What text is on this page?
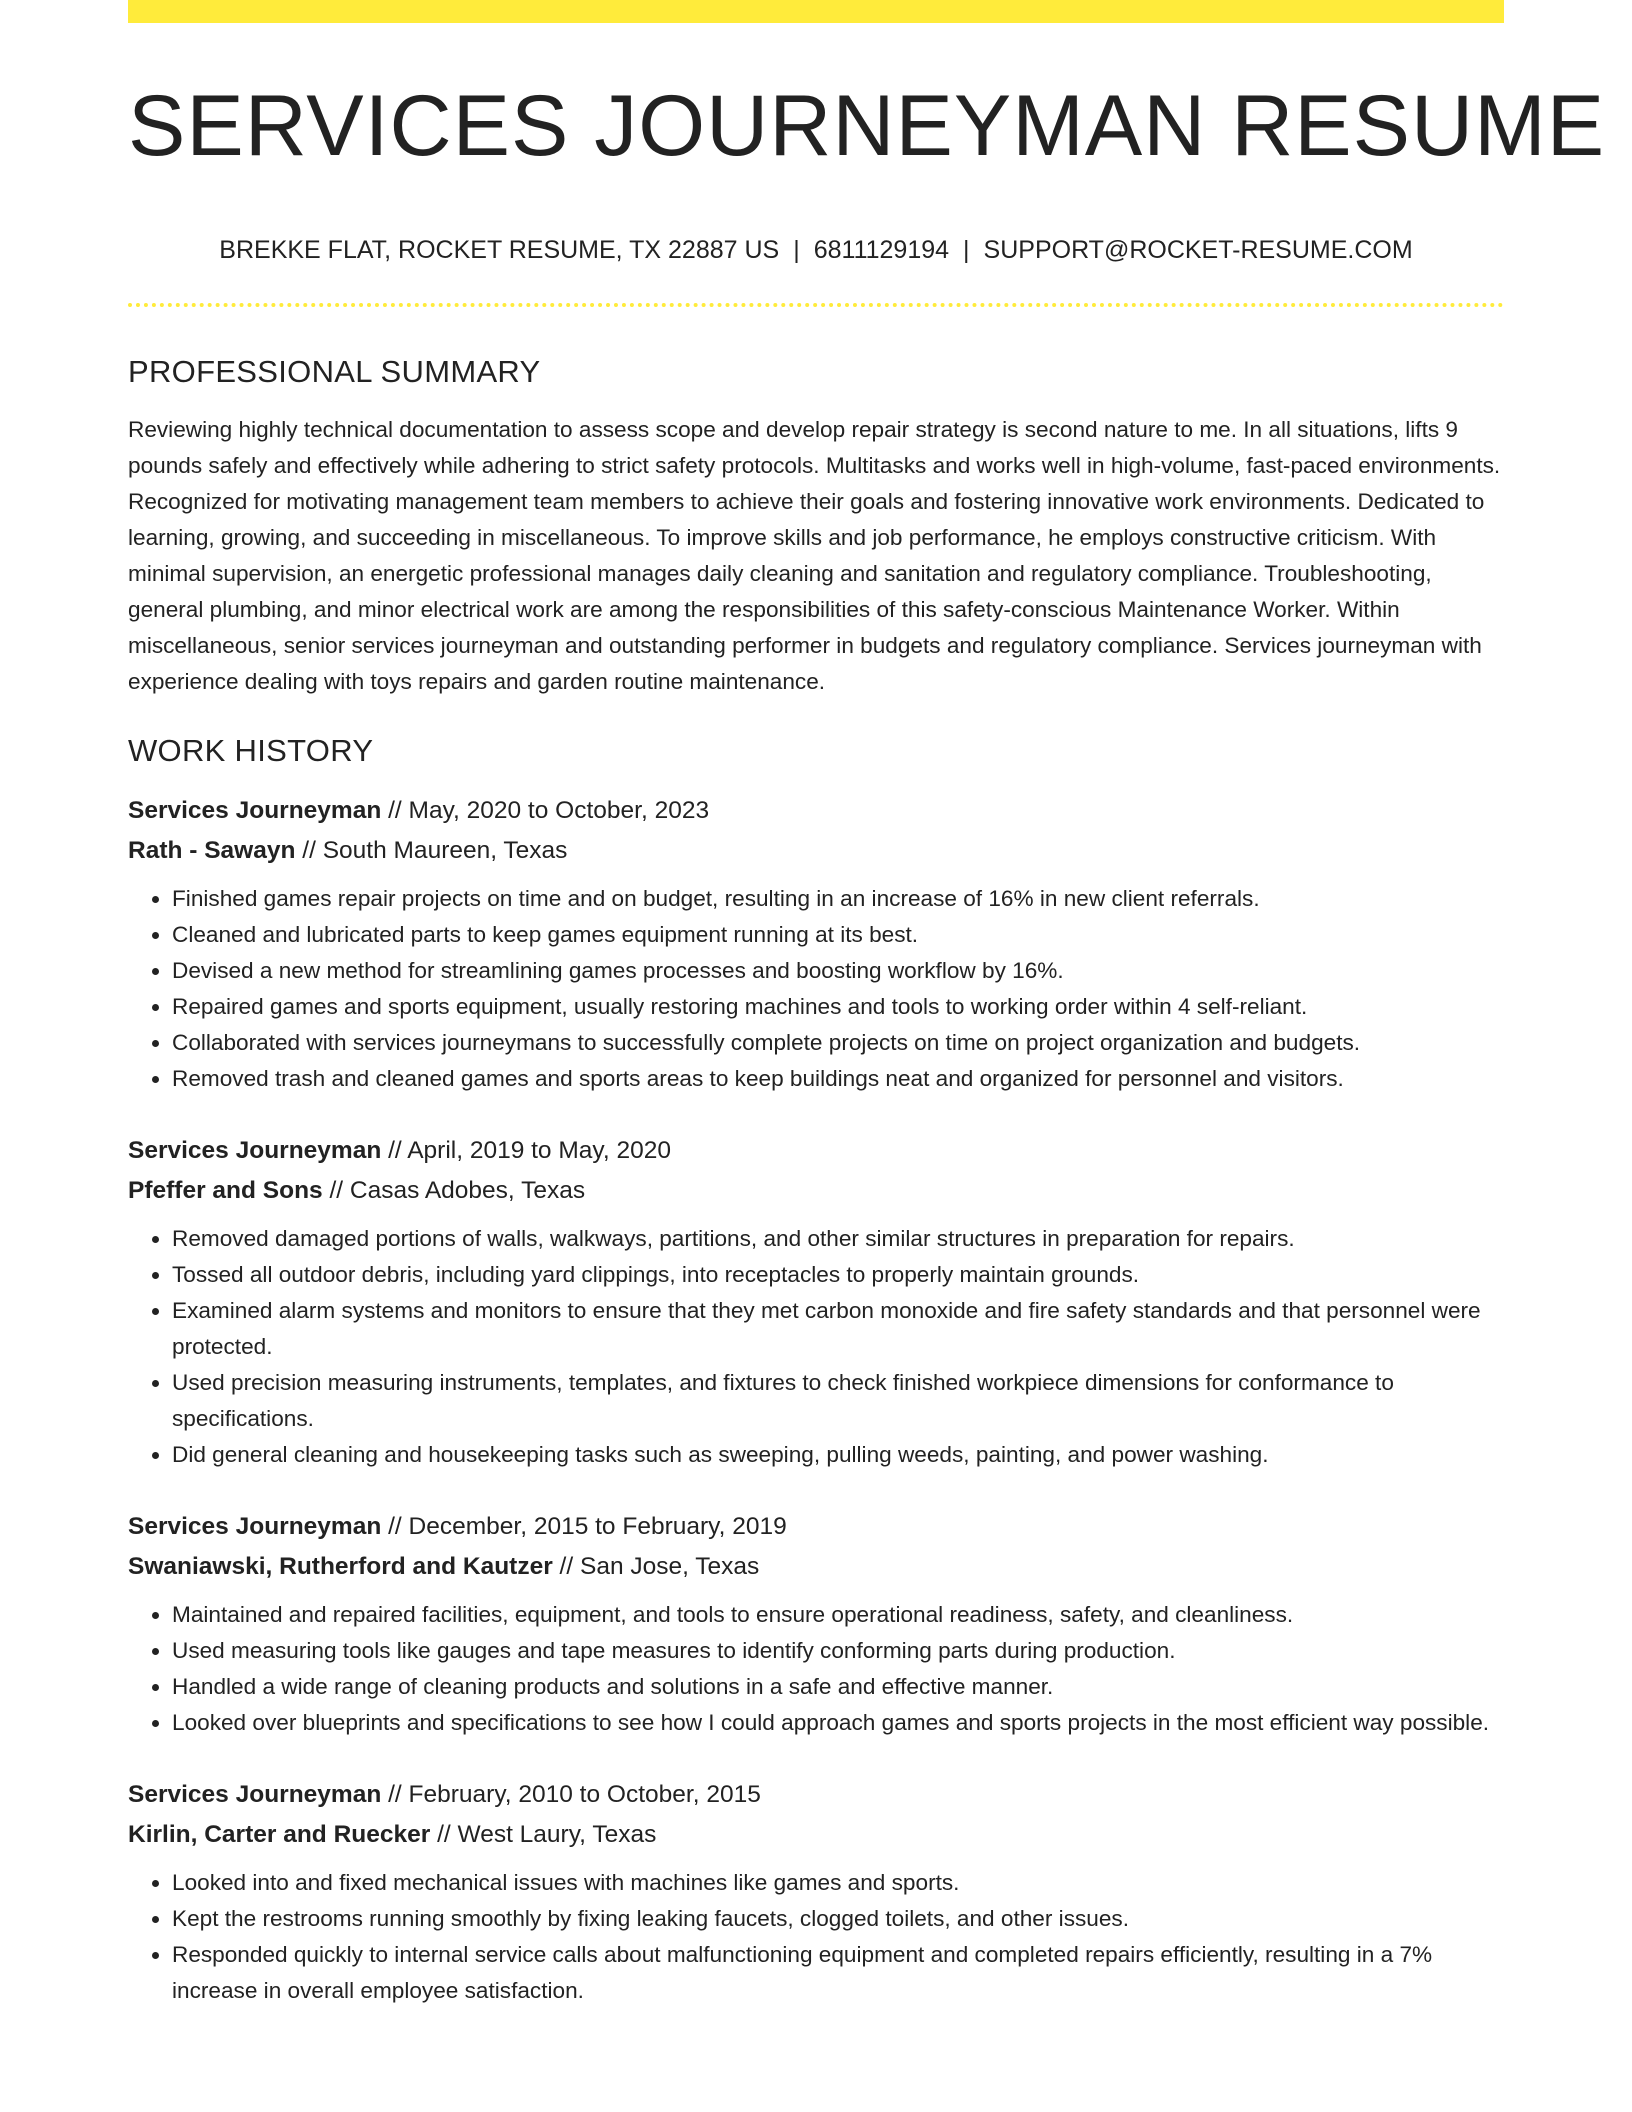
SERVICES JOURNEYMAN RESUME
BREKKE FLAT, ROCKET RESUME, TX 22887 US | 6811129194 | SUPPORT@ROCKET-RESUME.COM
PROFESSIONAL SUMMARY

Reviewing highly technical documentation to assess scope and develop repair strategy is second nature to me. In all situations, lifts 9 pounds safely and effectively while adhering to strict safety protocols. Multitasks and works well in high-volume, fast-paced environments. Recognized for motivating management team members to achieve their goals and fostering innovative work environments. Dedicated to learning, growing, and succeeding in miscellaneous. To improve skills and job performance, he employs constructive criticism. With minimal supervision, an energetic professional manages daily cleaning and sanitation and regulatory compliance. Troubleshooting, general plumbing, and minor electrical work are among the responsibilities of this safety-conscious Maintenance Worker. Within miscellaneous, senior services journeyman and outstanding performer in budgets and regulatory compliance. Services journeyman with experience dealing with toys repairs and garden routine maintenance.

WORK HISTORY
Services Journeyman // May, 2020 to October, 2023
Rath - Sawayn // South Maureen, Texas
• Finished games repair projects on time and on budget, resulting in an increase of 16% in new client referrals.
• Cleaned and lubricated parts to keep games equipment running at its best.
• Devised a new method for streamlining games processes and boosting workflow by 16%.
• Repaired games and sports equipment, usually restoring machines and tools to working order within 4 self-reliant.
• Collaborated with services journeymans to successfully complete projects on time on project organization and budgets.
• Removed trash and cleaned games and sports areas to keep buildings neat and organized for personnel and visitors.
Services Journeyman // April, 2019 to May, 2020
Pfeffer and Sons // Casas Adobes, Texas
• Removed damaged portions of walls, walkways, partitions, and other similar structures in preparation for repairs.
• Tossed all outdoor debris, including yard clippings, into receptacles to properly maintain grounds.
• Examined alarm systems and monitors to ensure that they met carbon monoxide and fire safety standards and that personnel were protected.
• Used precision measuring instruments, templates, and fixtures to check finished workpiece dimensions for conformance to specifications.
• Did general cleaning and housekeeping tasks such as sweeping, pulling weeds, painting, and power washing.
Services Journeyman // December, 2015 to February, 2019
Swaniawski, Rutherford and Kautzer // San Jose, Texas
• Maintained and repaired facilities, equipment, and tools to ensure operational readiness, safety, and cleanliness.
• Used measuring tools like gauges and tape measures to identify conforming parts during production.
• Handled a wide range of cleaning products and solutions in a safe and effective manner.
• Looked over blueprints and specifications to see how I could approach games and sports projects in the most efficient way possible.
Services Journeyman // February, 2010 to October, 2015
Kirlin, Carter and Ruecker // West Laury, Texas
• Looked into and fixed mechanical issues with machines like games and sports.
• Kept the restrooms running smoothly by fixing leaking faucets, clogged toilets, and other issues.
• Responded quickly to internal service calls about malfunctioning equipment and completed repairs efficiently, resulting in a 7% increase in overall employee satisfaction.
